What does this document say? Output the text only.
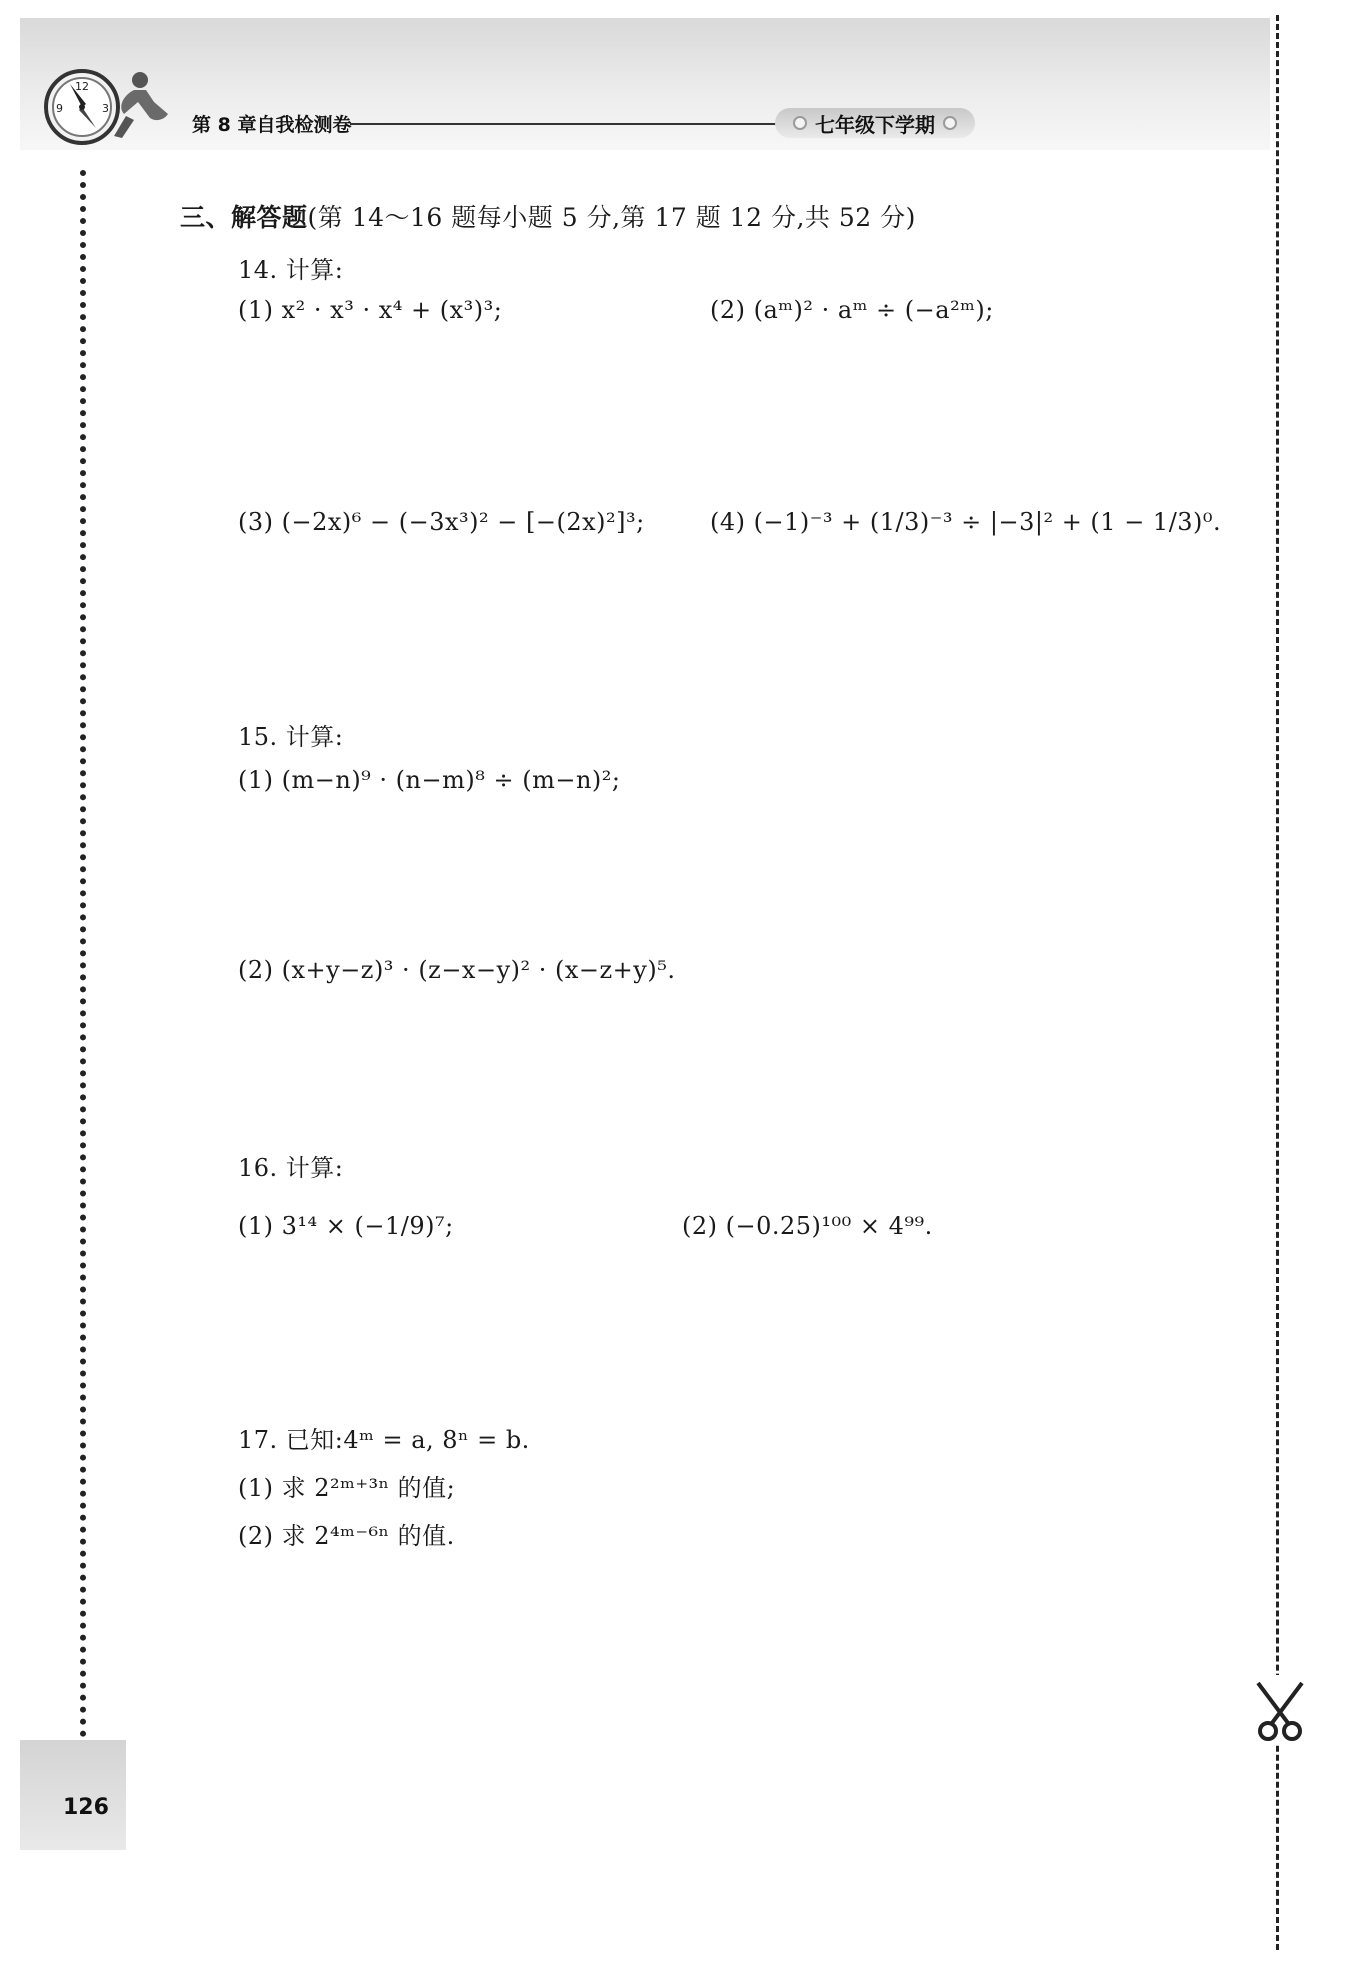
12
3
9
第 8 章自我检测卷	七年级下学期
126
三、解答题(第 14～16 题每小题 5 分,第 17 题 12 分,共 52 分)
14. 计算:
(1) x² · x³ · x⁴ + (x³)³;	(2) (aᵐ)² · aᵐ ÷ (−a²ᵐ);
(3) (−2x)⁶ − (−3x³)² − [−(2x)²]³;	(4) (−1)⁻³ + (1/3)⁻³ ÷ |−3|² + (1 − 1/3)⁰.
15. 计算:
(1) (m−n)⁹ · (n−m)⁸ ÷ (m−n)²;
(2) (x+y−z)³ · (z−x−y)² · (x−z+y)⁵.
16. 计算:
(1) 3¹⁴ × (−1/9)⁷;	(2) (−0.25)¹⁰⁰ × 4⁹⁹.
17. 已知:4ᵐ = a, 8ⁿ = b.
(1) 求 2²ᵐ⁺³ⁿ 的值;
(2) 求 2⁴ᵐ⁻⁶ⁿ 的值.
